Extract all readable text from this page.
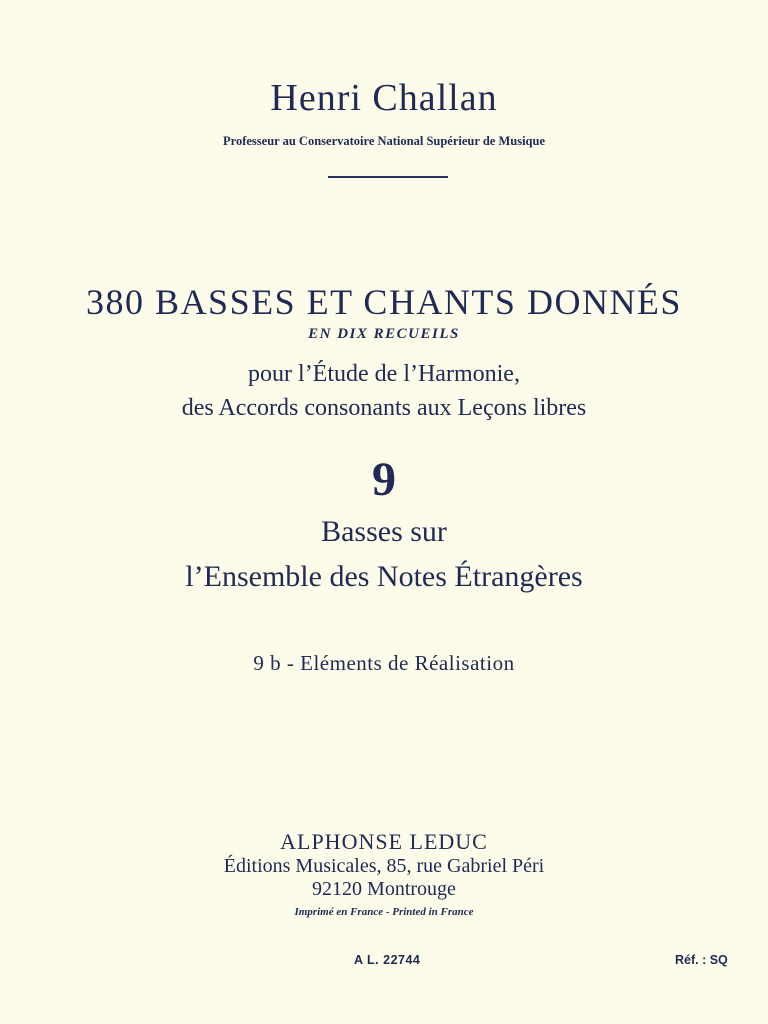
Henri Challan
Professeur au Conservatoire National Supérieur de Musique
380 BASSES ET CHANTS DONNÉS
EN DIX RECUEILS
pour l’Étude de l’Harmonie,
des Accords consonants aux Leçons libres
9
Basses sur
l’Ensemble des Notes Étrangères
9 b - Eléments de Réalisation
ALPHONSE LEDUC
Éditions Musicales, 85, rue Gabriel Péri
92120 Montrouge
Imprimé en France - Printed in France
A L. 22744	Réf. : SQ
